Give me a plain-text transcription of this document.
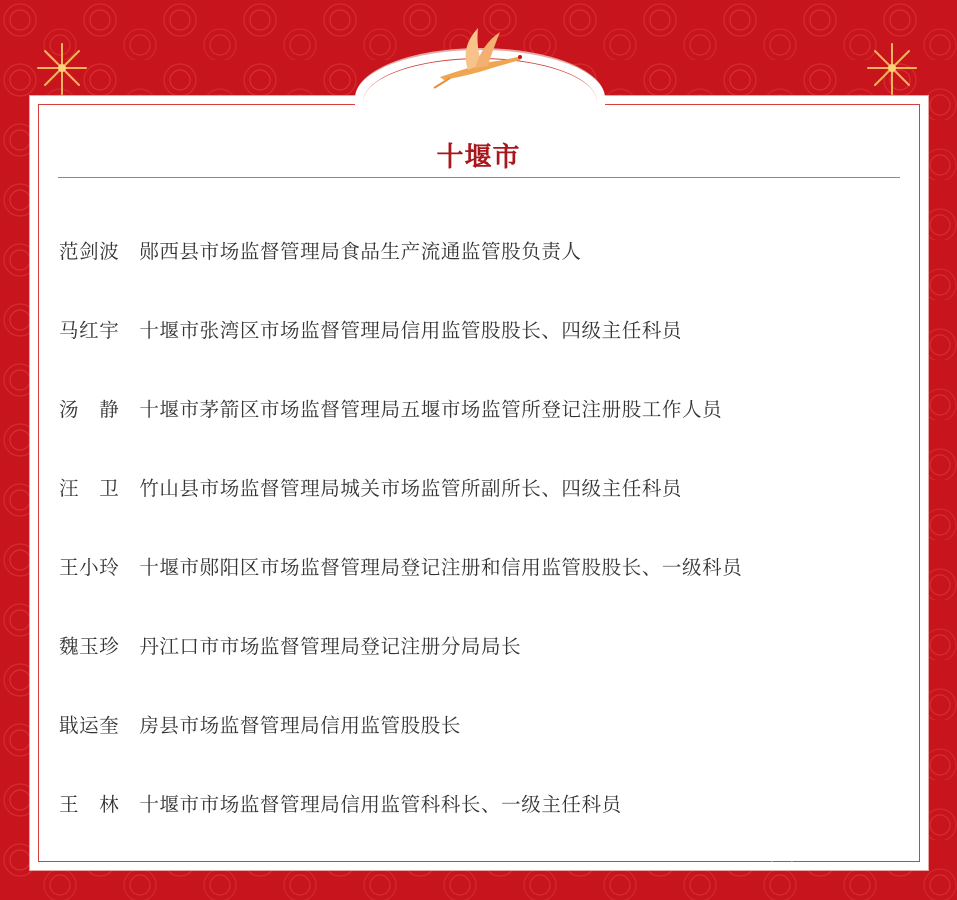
十堰市
范剑波 郧西县市场监督管理局食品生产流通监管股负责人
马红宇 十堰市张湾区市场监督管理局信用监管股股长、四级主任科员
汤　静 十堰市茅箭区市场监督管理局五堰市场监管所登记注册股工作人员
汪　卫 竹山县市场监督管理局城关市场监管所副所长、四级主任科员
王小玲 十堰市郧阳区市场监督管理局登记注册和信用监管股股长、一级科员
魏玉珍 丹江口市市场监督管理局登记注册分局局长
戢运奎 房县市场监督管理局信用监管股股长
王　林 十堰市市场监督管理局信用监管科科长、一级主任科员
